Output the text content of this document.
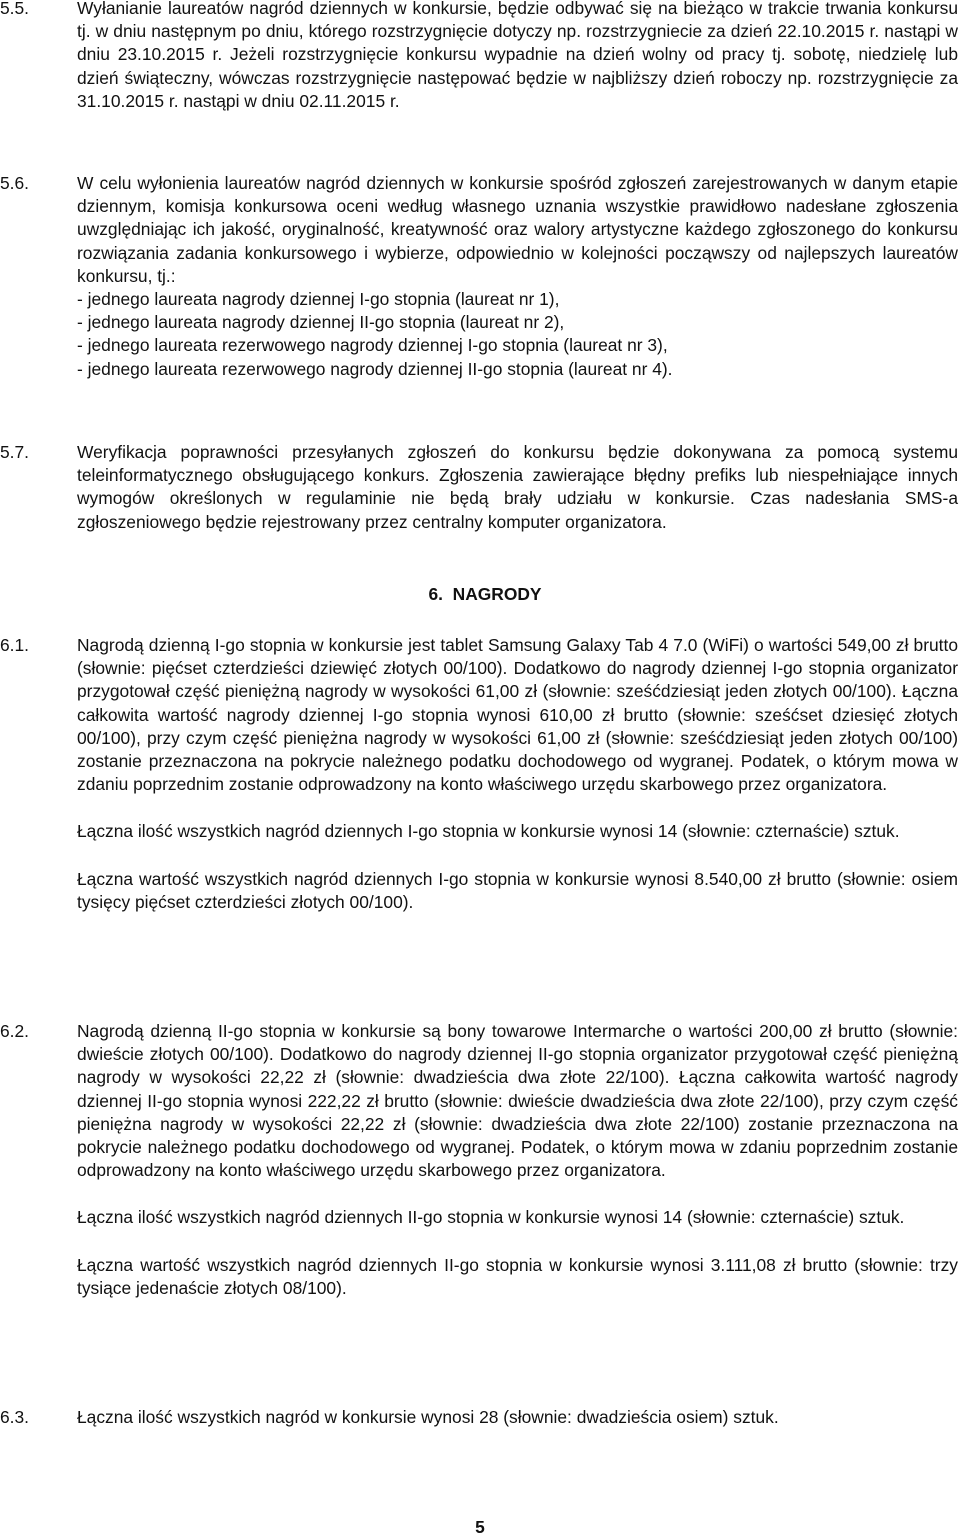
5.5.	Wyłanianie laureatów nagród dziennych w konkursie, będzie odbywać się na bieżąco w trakcie trwania konkursu tj. w dniu następnym po dniu, którego rozstrzygnięcie dotyczy np. rozstrzygniecie za dzień 22.10.2015 r. nastąpi w dniu 23.10.2015 r. Jeżeli rozstrzygnięcie konkursu wypadnie na dzień wolny od pracy tj. sobotę, niedzielę lub dzień świąteczny, wówczas rozstrzygnięcie następować będzie w najbliższy dzień roboczy np. rozstrzygnięcie za 31.10.2015 r. nastąpi w dniu 02.11.2015 r.

5.6.	W celu wyłonienia laureatów nagród dziennych w konkursie spośród zgłoszeń zarejestrowanych w danym etapie dziennym, komisja konkursowa oceni według własnego uznania wszystkie prawidłowo nadesłane zgłoszenia uwzględniając ich jakość, oryginalność, kreatywność oraz walory artystyczne każdego zgłoszonego do konkursu rozwiązania zadania konkursowego i wybierze, odpowiednio w kolejności począwszy od najlepszych laureatów konkursu, tj.:

- jednego laureata nagrody dziennej I-go stopnia (laureat nr 1),

- jednego laureata nagrody dziennej II-go stopnia (laureat nr 2),

- jednego laureata rezerwowego nagrody dziennej I-go stopnia (laureat nr 3),

- jednego laureata rezerwowego nagrody dziennej II-go stopnia (laureat nr 4).

5.7.	Weryfikacja poprawności przesyłanych zgłoszeń do konkursu będzie dokonywana za pomocą systemu teleinformatycznego obsługującego konkurs. Zgłoszenia zawierające błędny prefiks lub niespełniające innych wymogów określonych w regulaminie nie będą brały udziału w konkursie. Czas nadesłania SMS-a zgłoszeniowego będzie rejestrowany przez centralny komputer organizatora.

6. NAGRODY
6.1.	Nagrodą dzienną I-go stopnia w konkursie jest tablet Samsung Galaxy Tab 4 7.0 (WiFi) o wartości 549,00 zł brutto (słownie: pięćset czterdzieści dziewięć złotych 00/100). Dodatkowo do nagrody dziennej I-go stopnia organizator przygotował część pieniężną nagrody w wysokości 61,00 zł (słownie: sześćdziesiąt jeden złotych 00/100). Łączna całkowita wartość nagrody dziennej I-go stopnia wynosi 610,00 zł brutto (słownie: sześćset dziesięć złotych 00/100), przy czym część pieniężna nagrody w wysokości 61,00 zł (słownie: sześćdziesiąt jeden złotych 00/100) zostanie przeznaczona na pokrycie należnego podatku dochodowego od wygranej. Podatek, o którym mowa w zdaniu poprzednim zostanie odprowadzony na konto właściwego urzędu skarbowego przez organizatora.

Łączna ilość wszystkich nagród dziennych I-go stopnia w konkursie wynosi 14 (słownie: czternaście) sztuk.

Łączna wartość wszystkich nagród dziennych I-go stopnia w konkursie wynosi 8.540,00 zł brutto (słownie: osiem tysięcy pięćset czterdzieści złotych 00/100).

6.2.	Nagrodą dzienną II-go stopnia w konkursie są bony towarowe Intermarche o wartości 200,00 zł brutto (słownie: dwieście złotych 00/100). Dodatkowo do nagrody dziennej II-go stopnia organizator przygotował część pieniężną nagrody w wysokości 22,22 zł (słownie: dwadzieścia dwa złote 22/100). Łączna całkowita wartość nagrody dziennej II-go stopnia wynosi 222,22 zł brutto (słownie: dwieście dwadzieścia dwa złote 22/100), przy czym część pieniężna nagrody w wysokości 22,22 zł (słownie: dwadzieścia dwa złote 22/100) zostanie przeznaczona na pokrycie należnego podatku dochodowego od wygranej. Podatek, o którym mowa w zdaniu poprzednim zostanie odprowadzony na konto właściwego urzędu skarbowego przez organizatora.

Łączna ilość wszystkich nagród dziennych II-go stopnia w konkursie wynosi 14 (słownie: czternaście) sztuk.

Łączna wartość wszystkich nagród dziennych II-go stopnia w konkursie wynosi 3.111,08 zł brutto (słownie: trzy tysiące jedenaście złotych 08/100).

6.3.	Łączna ilość wszystkich nagród w konkursie wynosi 28 (słownie: dwadzieścia osiem) sztuk.

5
